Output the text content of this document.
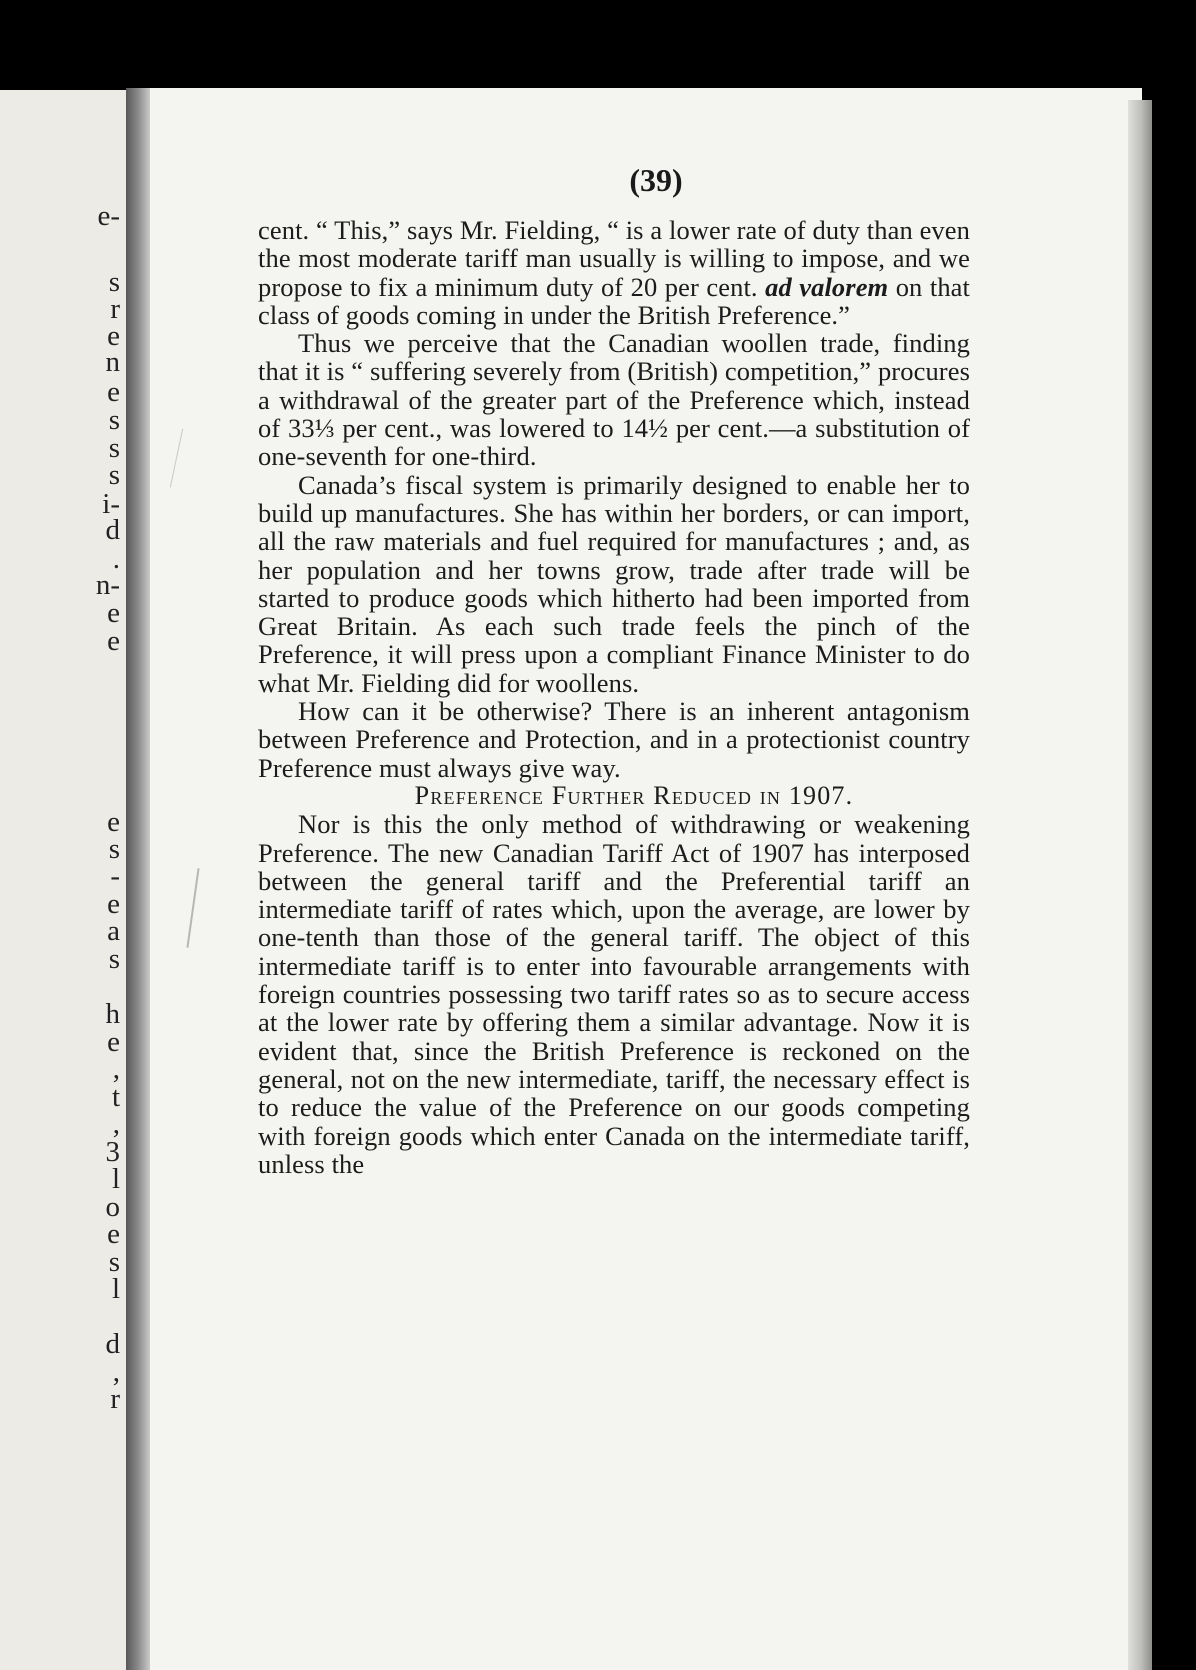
e-
s
r
e
n
e
s
s
s
i-
d
.
n-
e
e
e
s
-
e
a
s
h
e
,
t
,
3
l
o
e
s
l
d
,
r
(39)

cent. “ This,” says Mr. Fielding, “ is a lower rate of duty than even the most moderate tariff man usually is willing to impose, and we propose to fix a minimum duty of 20 per cent. ad valorem on that class of goods coming in under the British Preference.”

Thus we perceive that the Canadian woollen trade, finding that it is “ suffering severely from (British) competition,” procures a withdrawal of the greater part of the Preference which, instead of 33⅓ per cent., was lowered to 14½ per cent.—a substitution of one-seventh for one-third.

Canada’s fiscal system is primarily designed to enable her to build up manufactures. She has within her borders, or can import, all the raw materials and fuel required for manufactures ; and, as her population and her towns grow, trade after trade will be started to produce goods which hitherto had been imported from Great Britain. As each such trade feels the pinch of the Preference, it will press upon a compliant Finance Minister to do what Mr. Fielding did for woollens.

How can it be otherwise? There is an inherent antagonism between Preference and Protection, and in a protectionist country Preference must always give way.

Preference Further Reduced in 1907.

Nor is this the only method of withdrawing or weakening Preference. The new Canadian Tariff Act of 1907 has interposed between the general tariff and the Preferential tariff an intermediate tariff of rates which, upon the average, are lower by one-tenth than those of the general tariff. The object of this intermediate tariff is to enter into favourable arrangements with foreign countries possessing two tariff rates so as to secure access at the lower rate by offering them a similar advantage. Now it is evident that, since the British Preference is reckoned on the general, not on the new intermediate, tariff, the necessary effect is to reduce the value of the Preference on our goods competing with foreign goods which enter Canada on the intermediate tariff, unless the
